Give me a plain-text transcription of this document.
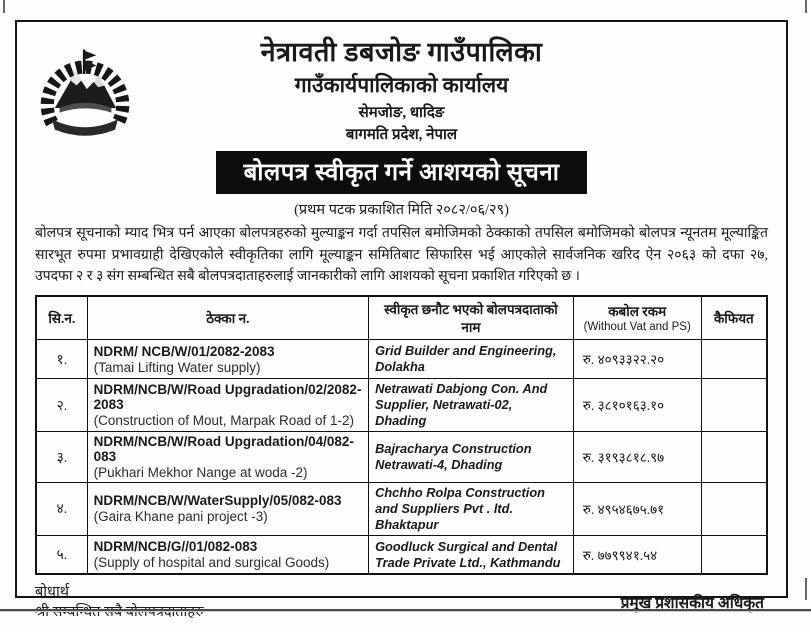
नेत्रावती डबजोङ गाउँपालिका
गाउँकार्यपालिकाको कार्यालय
सेमजोङ, धादिङ
बागमति प्रदेश, नेपाल
बोलपत्र स्वीकृत गर्ने आशयको सूचना
(प्रथम पटक प्रकाशित मिति २०८२/०६/२९)

बोलपत्र सूचनाको म्याद भित्र पर्न आएका बोलपत्रहरुको मुल्याङ्कन गर्दा तपसिल बमोजिमको ठेक्काको तपसिल बमोजिमको बोलपत्र न्यूनतम मूल्याङ्कित सारभूत रुपमा प्रभावग्राही देखिएकोले स्वीकृतिका लागि मूल्याङ्कन समितिबाट सिफारिस भई आएकोले सार्वजनिक खरिद ऐन २०६३ को दफा २७, उपदफा २ र ३ संग सम्बन्धित सबै बोलपत्रदाताहरुलाई जानकारीको लागि आशयको सूचना प्रकाशित गरिएको छ ।

सि.न.	ठेक्का न.	स्वीकृत छनौट भएको बोलपत्रदाताको नाम	कबोल रकम
(Without Vat and PS)	कैफियत
१.	NDRM/ NCB/W/01/2082-2083
(Tamai Lifting Water supply)	Grid Builder and Engineering, Dolakha	रु. ४०९३३२२.२०	
२.	NDRM/NCB/W/Road Upgradation/02/2082-2083
(Construction of Mout, Marpak Road of 1-2)	Netrawati Dabjong Con. And Supplier, Netrawati-02, Dhading	रु. ३८१०१६३.१०	
३.	NDRM/NCB/W/Road Upgradation/04/082-083
(Pukhari Mekhor Nange at woda -2)	Bajracharya Construction Netrawati-4, Dhading	रु. ३१९३८१८.९७	
४.	NDRM/NCB/W/WaterSupply/05/082-083
(Gaira Khane pani project -3)	Chchho Rolpa Construction and Suppliers Pvt . ltd. Bhaktapur	रु. ४९५४६७५.७१	
५.	NDRM/NCB/G//01/082-083
(Supply of hospital and surgical Goods)	Goodluck Surgical and Dental Trade Private Ltd., Kathmandu	रु. ७७९९४१.५४	
बोधार्थ
श्री सम्बन्धित सबै बोलपत्रदाताहरु	प्रमुख प्रशासकीय अधिकृत
